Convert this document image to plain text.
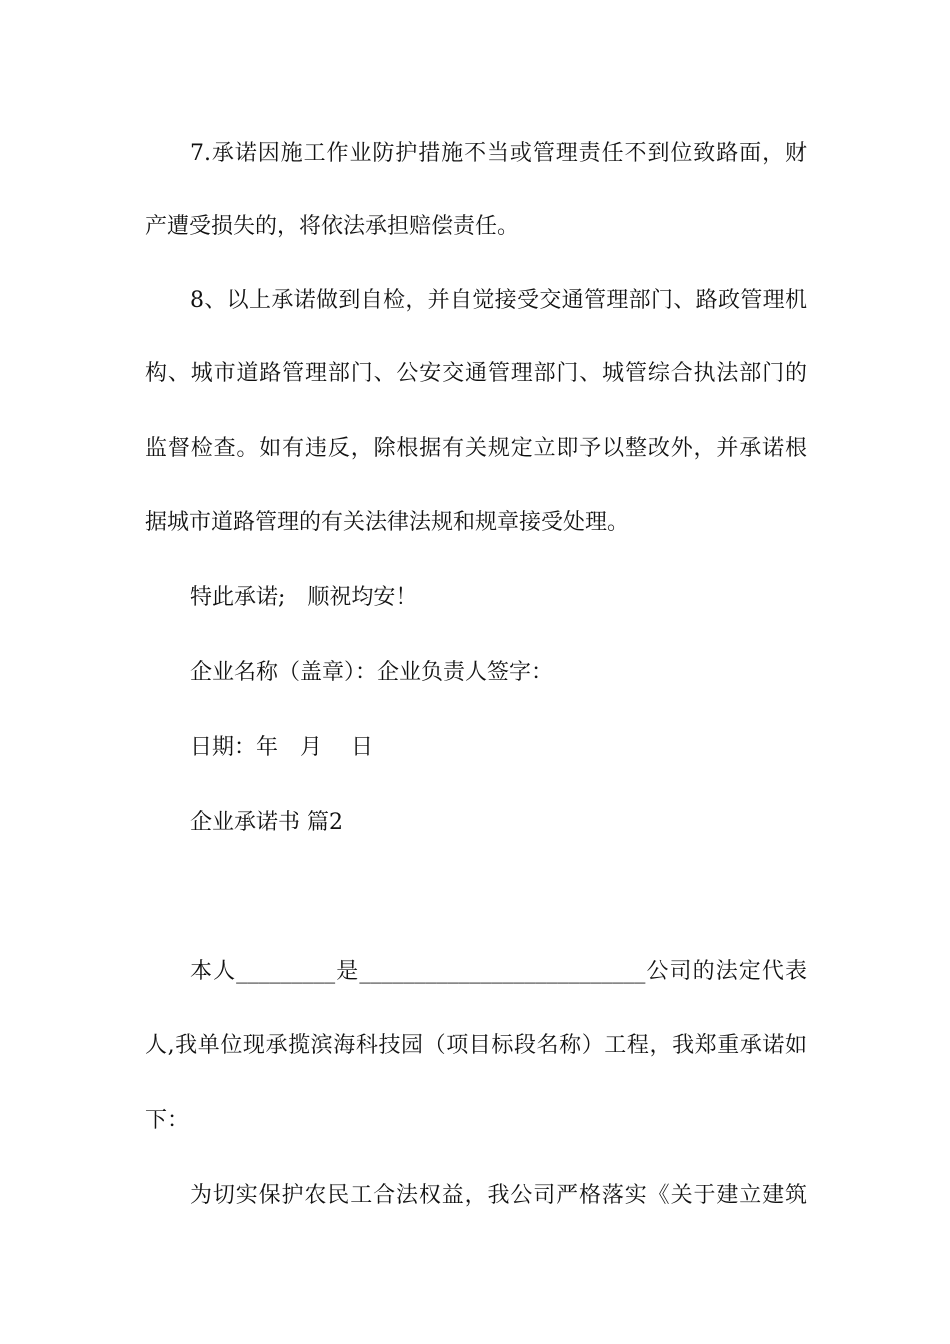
7.承诺因施工作业防护措施不当或管理责任不到位致路面，财
产遭受损失的，将依法承担赔偿责任。
8、以上承诺做到自检，并自觉接受交通管理部门、路政管理机
构、城市道路管理部门、公安交通管理部门、城管综合执法部门的
监督检查。如有违反，除根据有关规定立即予以整改外，并承诺根
据城市道路管理的有关法律法规和规章接受处理。
特此承诺;　顺祝均安！
企业名称（盖章）：企业负责人签字：
日期：年　月　 日
企业承诺书 篇2
本人_________是__________________________公司的法定代表
人,我单位现承揽滨海科技园（项目标段名称）工程，我郑重承诺如
下：
为切实保护农民工合法权益，我公司严格落实《关于建立建筑
